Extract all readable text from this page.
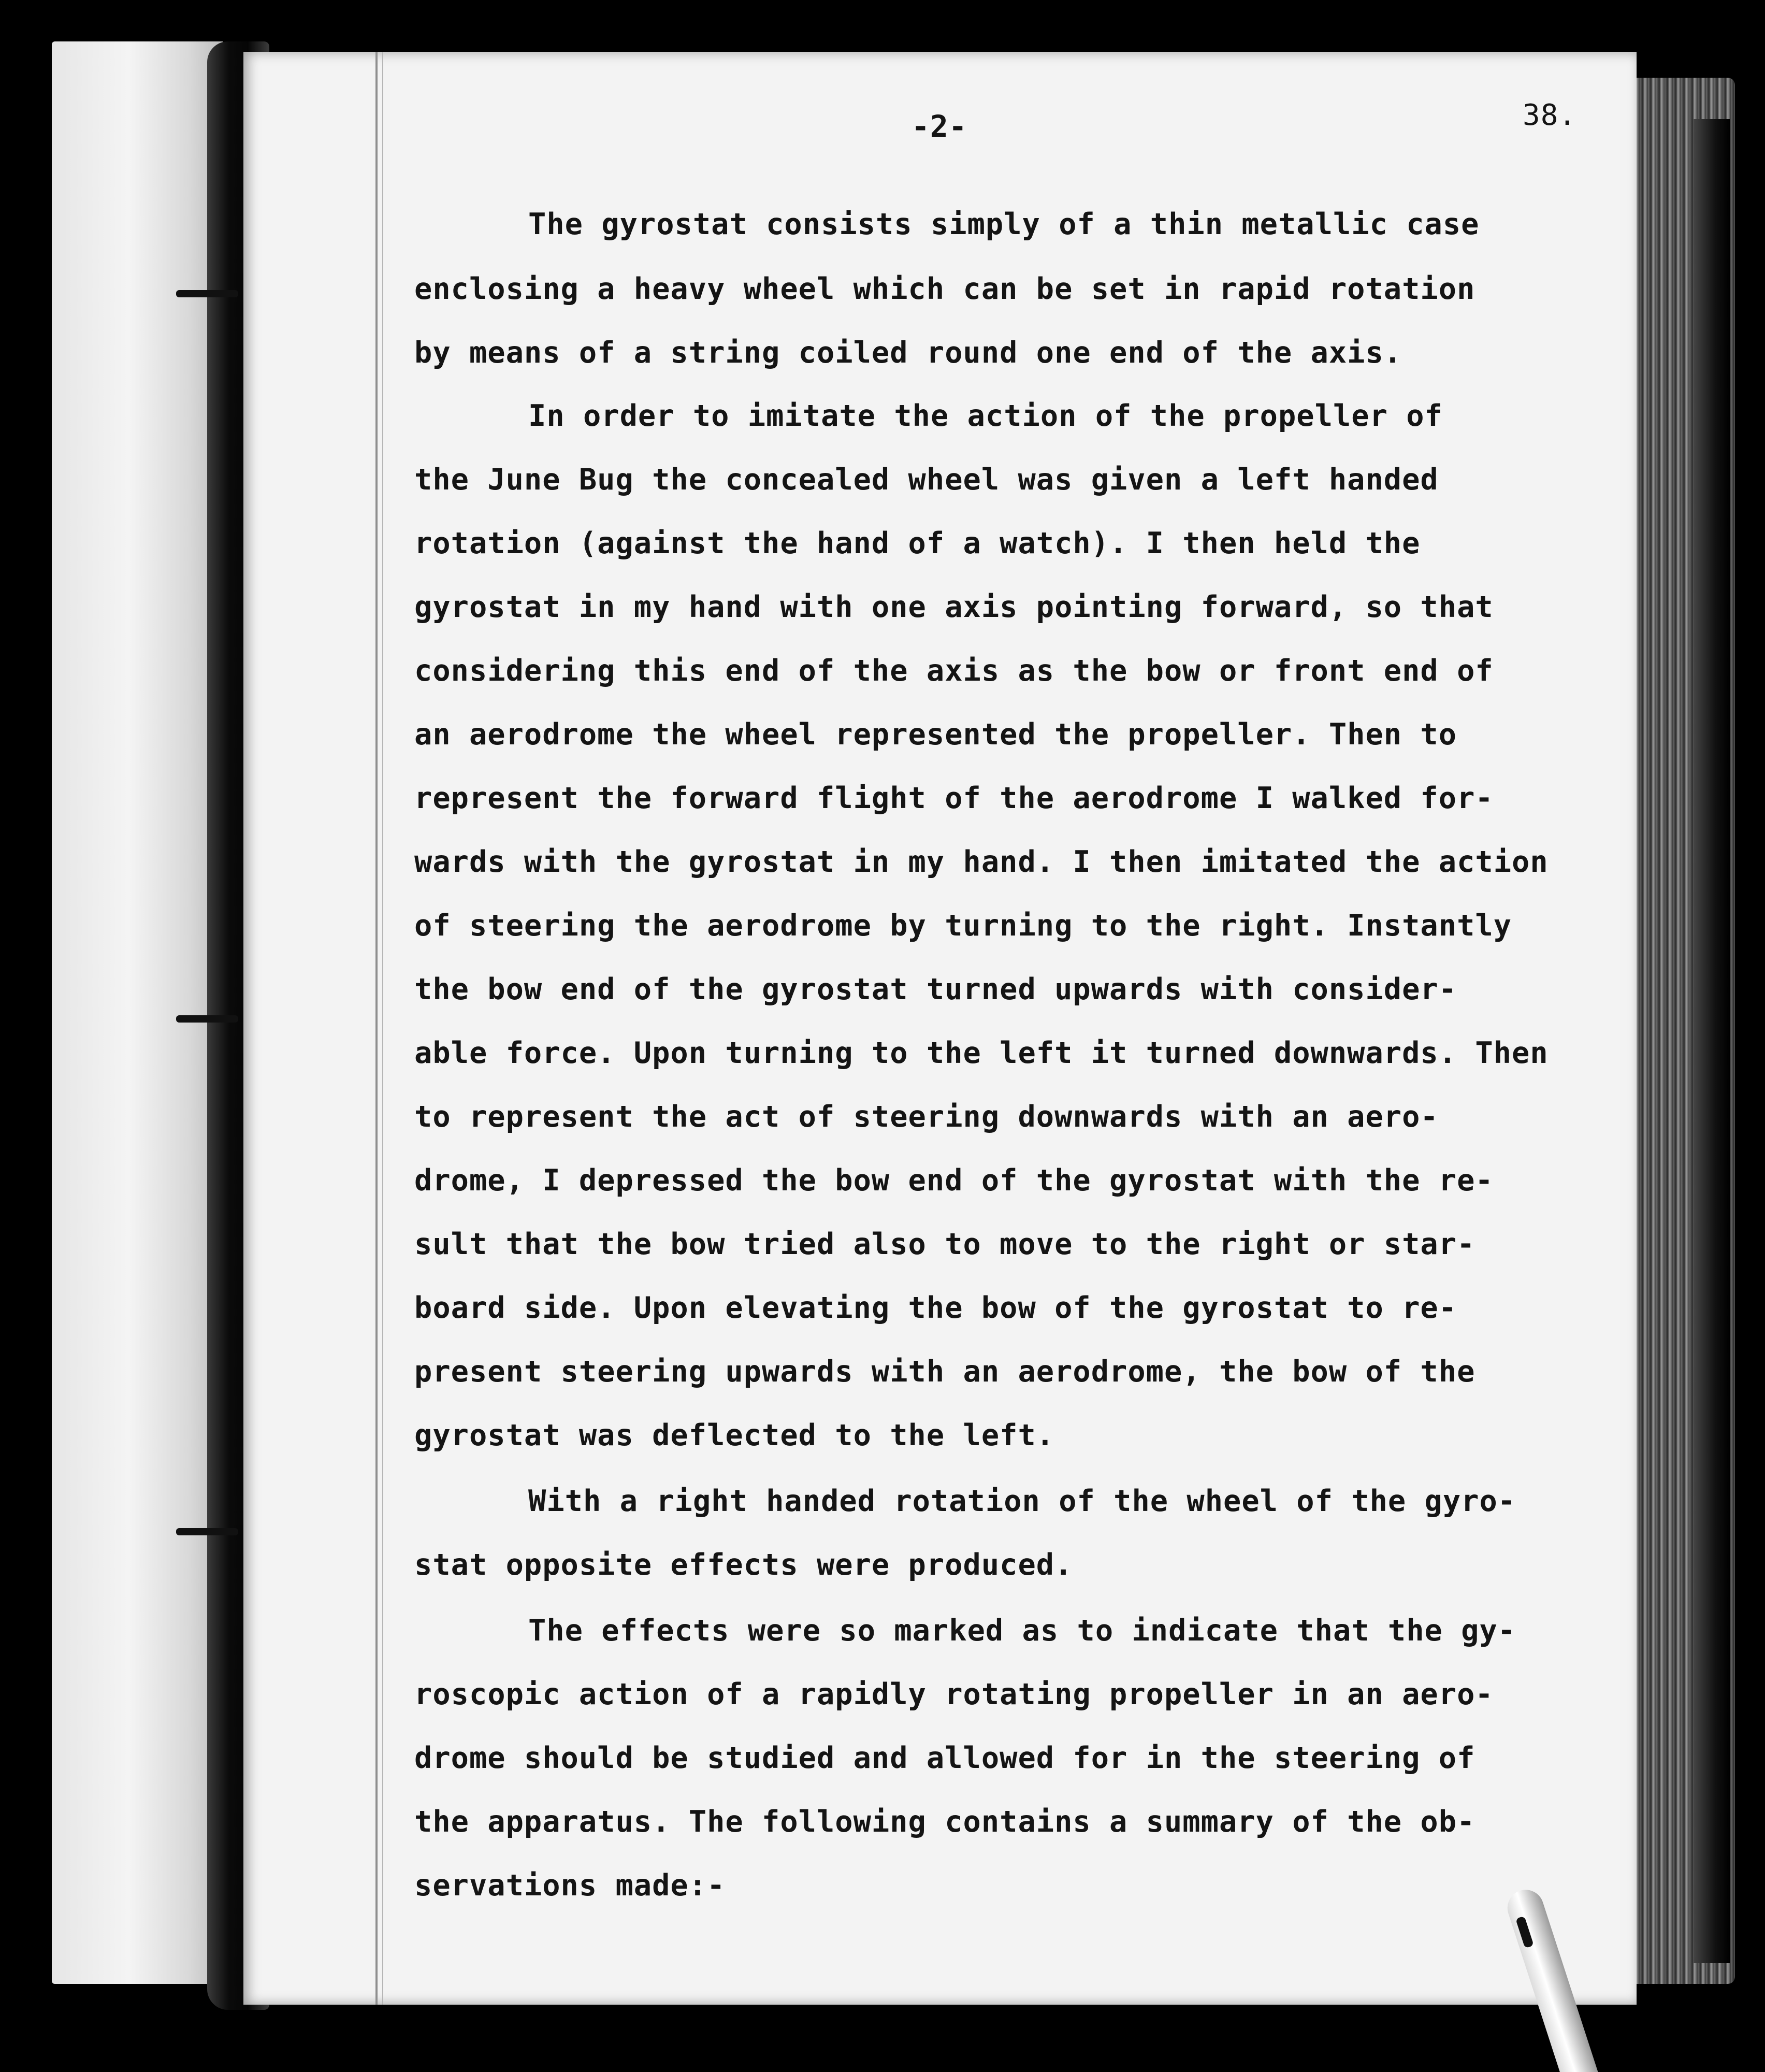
-2-	38.
The gyrostat consists simply of a thin metallic case
enclosing a heavy wheel which can be set in rapid rotation
by means of a string coiled round one end of the axis.
In order to imitate the action of the propeller of
the June Bug the concealed wheel was given a left handed
rotation (against the hand of a watch). I then held the
gyrostat in my hand with one axis pointing forward, so that
considering this end of the axis as the bow or front end of
an aerodrome the wheel represented the propeller. Then to
represent the forward flight of the aerodrome I walked for-
wards with the gyrostat in my hand. I then imitated the action
of steering the aerodrome by turning to the right. Instantly
the bow end of the gyrostat turned upwards with consider-
able force. Upon turning to the left it turned downwards. Then
to represent the act of steering downwards with an aero-
drome, I depressed the bow end of the gyrostat with the re-
sult that the bow tried also to move to the right or star-
board side. Upon elevating the bow of the gyrostat to re-
present steering upwards with an aerodrome, the bow of the
gyrostat was deflected to the left.
With a right handed rotation of the wheel of the gyro-
stat opposite effects were produced.
The effects were so marked as to indicate that the gy-
roscopic action of a rapidly rotating propeller in an aero-
drome should be studied and allowed for in the steering of
the apparatus. The following contains a summary of the ob-
servations made:-
